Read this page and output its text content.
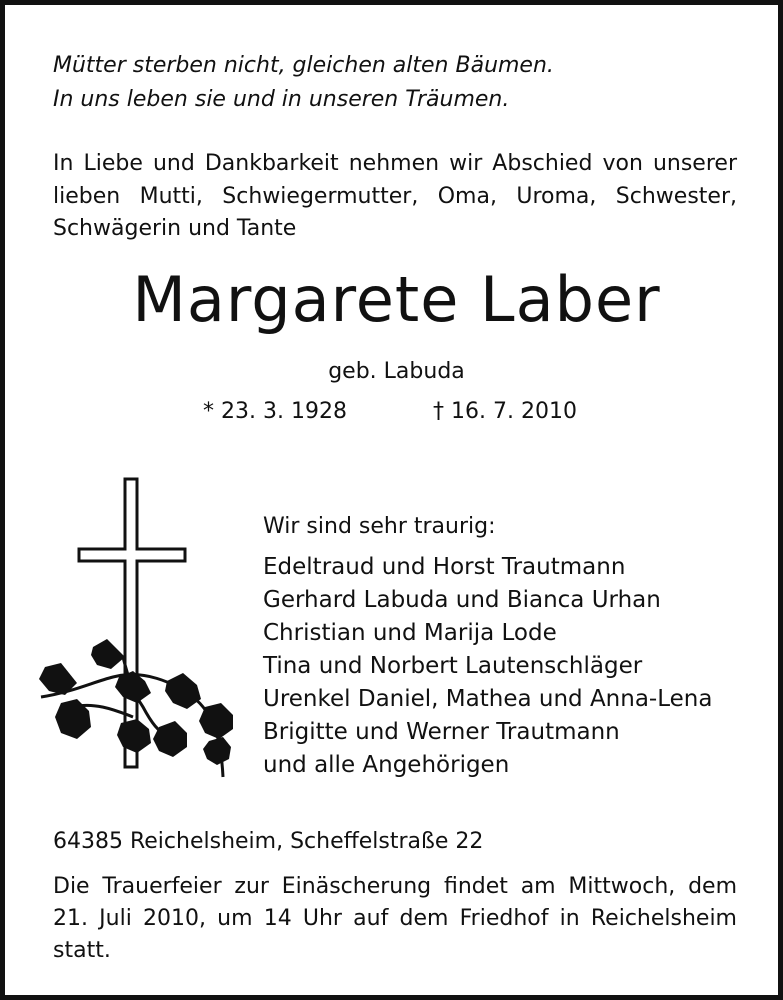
Mütter sterben nicht, gleichen alten Bäumen.
In uns leben sie und in unseren Träumen.
In Liebe und Dankbarkeit nehmen wir Abschied von unserer
lieben Mutti, Schwiegermutter, Oma, Uroma, Schwester,
Schwägerin und Tante
Margarete Laber
geb. Labuda
* 23. 3. 1928	† 16. 7. 2010
Wir sind sehr traurig:
Edeltraud und Horst Trautmann
Gerhard Labuda und Bianca Urhan
Christian und Marija Lode
Tina und Norbert Lautenschläger
Urenkel Daniel, Mathea und Anna-Lena
Brigitte und Werner Trautmann
und alle Angehörigen
64385 Reichelsheim, Scheffelstraße 22
Die Trauerfeier zur Einäscherung findet am Mittwoch, dem
21. Juli 2010, um 14 Uhr auf dem Friedhof in Reichelsheim
statt.
